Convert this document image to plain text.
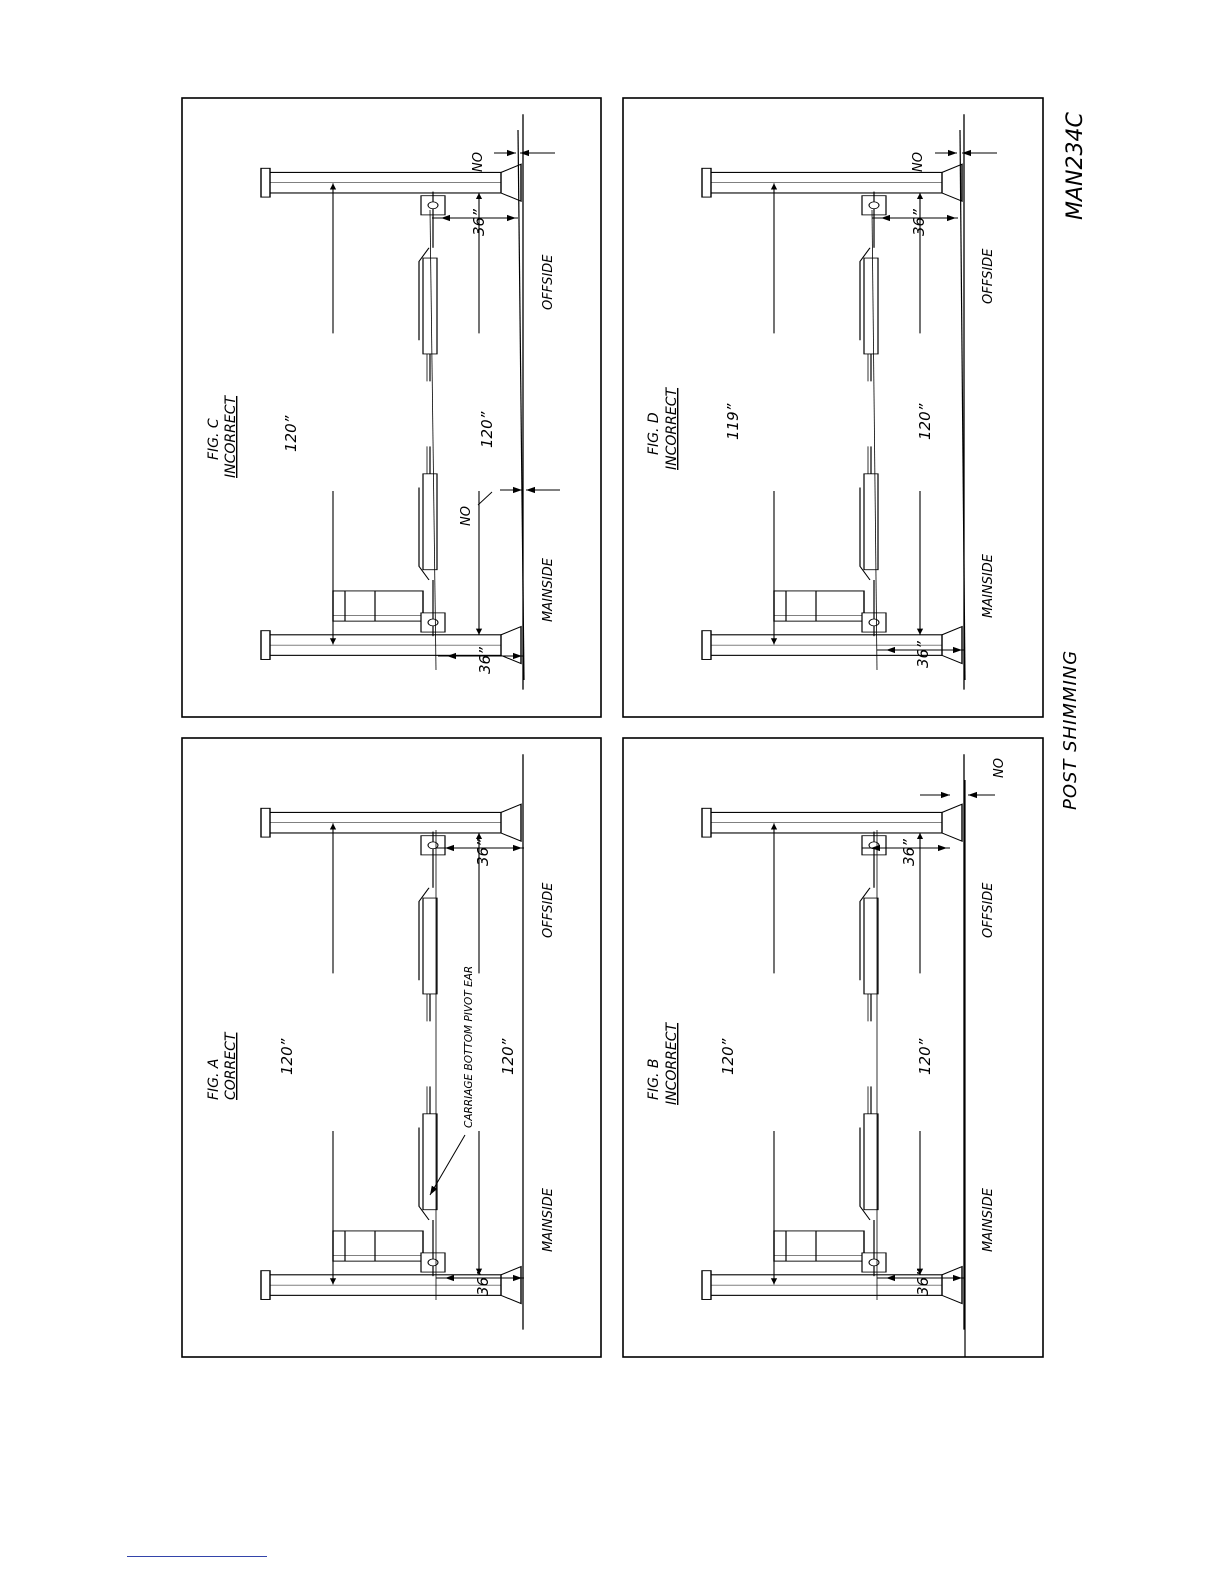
FIG. A CORRECT	120”	120”
CARRIAGE BOTTOM PIVOT EAR
36”
36”
MAINSIDE
OFFSIDE
FIG. B INCORRECT	120”	120”
36”
36”
MAINSIDE
OFFSIDE
NO
FIG. C INCORRECT	120”	120”
36”
36”
MAINSIDE
OFFSIDE
NO
NO
FIG. D INCORRECT	119”	120”
36”
36”
MAINSIDE
OFFSIDE
NO	MAN234C
POST SHIMMING
